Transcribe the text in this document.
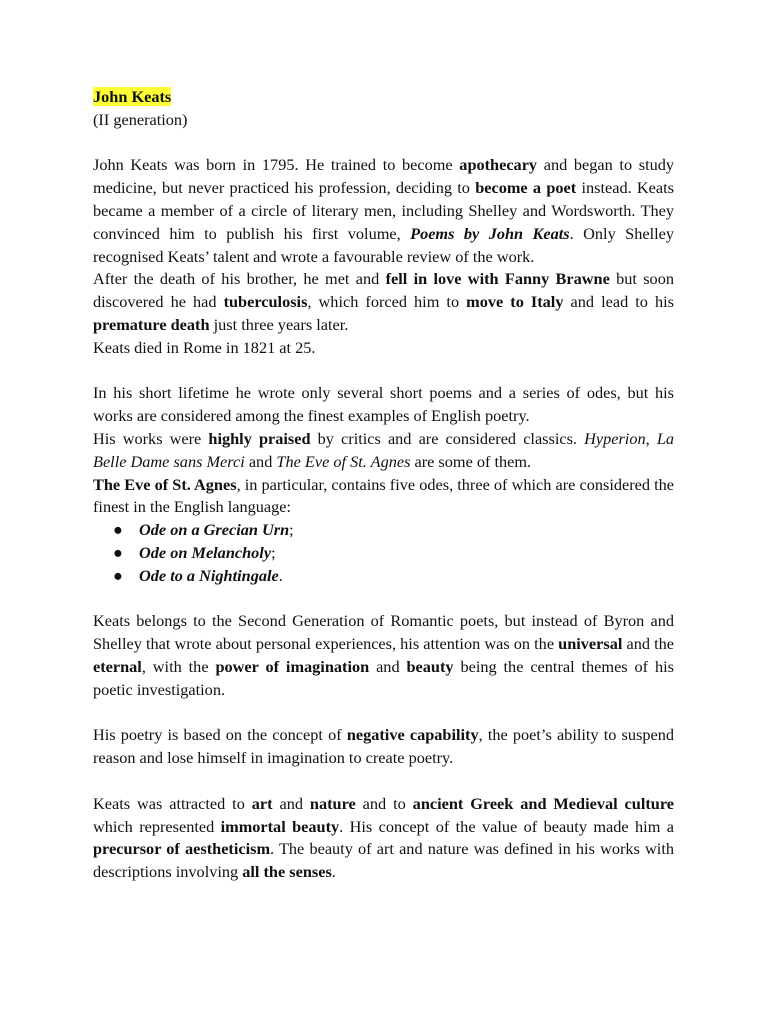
John Keats

(II generation)

John Keats was born in 1795. He trained to become apothecary and began to study medicine, but never practiced his profession, deciding to become a poet instead. Keats became a member of a circle of literary men, including Shelley and Wordsworth. They convinced him to publish his first volume, Poems by John Keats. Only Shelley recognised Keats’ talent and wrote a favourable review of the work.

After the death of his brother, he met and fell in love with Fanny Brawne but soon discovered he had tuberculosis, which forced him to move to Italy and lead to his premature death just three years later.

Keats died in Rome in 1821 at 25.

In his short lifetime he wrote only several short poems and a series of odes, but his works are considered among the finest examples of English poetry.

His works were highly praised by critics and are considered classics. Hyperion, La Belle Dame sans Merci and The Eve of St. Agnes are some of them.

The Eve of St. Agnes, in particular, contains five odes, three of which are considered the finest in the English language:

● Ode on a Grecian Urn;
● Ode on Melancholy;
● Ode to a Nightingale.

Keats belongs to the Second Generation of Romantic poets, but instead of Byron and Shelley that wrote about personal experiences, his attention was on the universal and the eternal, with the power of imagination and beauty being the central themes of his poetic investigation.

His poetry is based on the concept of negative capability, the poet’s ability to suspend reason and lose himself in imagination to create poetry.

Keats was attracted to art and nature and to ancient Greek and Medieval culture which represented immortal beauty. His concept of the value of beauty made him a precursor of aestheticism. The beauty of art and nature was defined in his works with descriptions involving all the senses.
